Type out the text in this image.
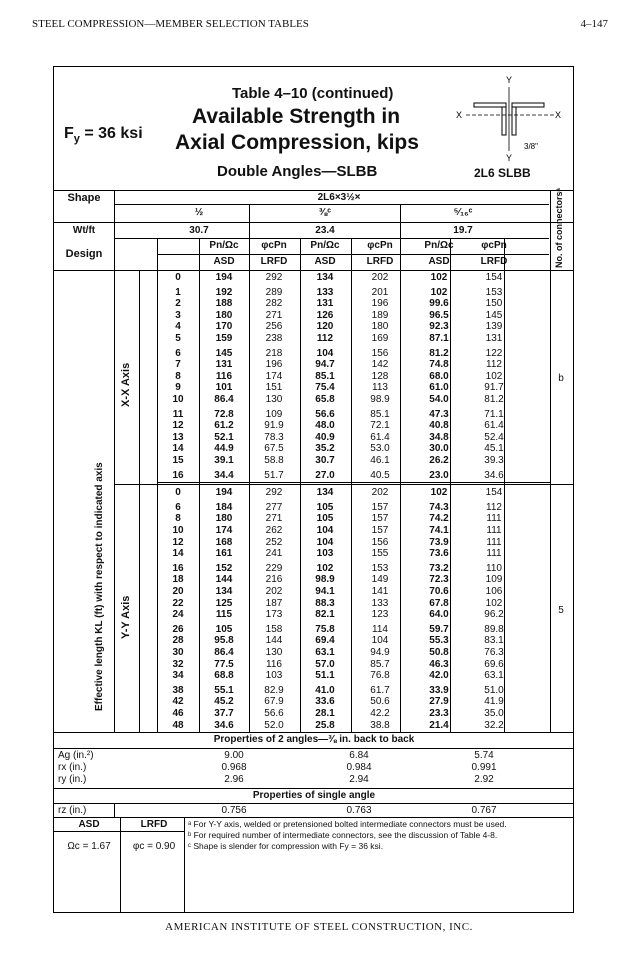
STEEL COMPRESSION—MEMBER SELECTION TABLES	4–147
$F_y = 36$ ksi
Table 4–10 (continued)
Available Strength in
Axial Compression, kips
Double Angles—SLBB	2L6 SLBB
Y
X	X
Y
3/8"
Shape	2L6×3½×
½	⅜ᶜ	⁵⁄₁₆ᶜ
Wt/ft	30.7	23.4	19.7
Design
Pn/Ωc
ASD
φcPn
LRFD
Pn/Ωc
ASD
φcPn
LRFD
Pn/Ωc
ASD
φcPn
LRFD	No. of connectorsᵃ
0	194	292	134	202	102	154
1	192	289	133	201	102	153
2	188	282	131	196	99.6	150
3	180	271	126	189	96.5	145
4	170	256	120	180	92.3	139
5	159	238	112	169	87.1	131
6	145	218	104	156	81.2	122
7	131	196	94.7	142	74.8	112
8	116	174	85.1	128	68.0	102
9	101	151	75.4	113	61.0	91.7
10	86.4	130	65.8	98.9	54.0	81.2
11	72.8	109	56.6	85.1	47.3	71.1
12	61.2	91.9	48.0	72.1	40.8	61.4
13	52.1	78.3	40.9	61.4	34.8	52.4
14	44.9	67.5	35.2	53.0	30.0	45.1
15	39.1	58.8	30.7	46.1	26.2	39.3
16	34.4	51.7	27.0	40.5	23.0	34.6
0	194	292	134	202	102	154
6	184	277	105	157	74.3	112
8	180	271	105	157	74.2	111
10	174	262	104	157	74.1	111
12	168	252	104	156	73.9	111
14	161	241	103	155	73.6	111
16	152	229	102	153	73.2	110
18	144	216	98.9	149	72.3	109
20	134	202	94.1	141	70.6	106
22	125	187	88.3	133	67.8	102
24	115	173	82.1	123	64.0	96.2
26	105	158	75.8	114	59.7	89.8
28	95.8	144	69.4	104	55.3	83.1
30	86.4	130	63.1	94.9	50.8	76.3
32	77.5	116	57.0	85.7	46.3	69.6
34	68.8	103	51.1	76.8	42.0	63.1
38	55.1	82.9	41.0	61.7	33.9	51.0
42	45.2	67.9	33.6	50.6	27.9	41.9
46	37.7	56.6	28.1	42.2	23.3	35.0
48	34.6	52.0	25.8	38.8	21.4	32.2
X-X Axis
Y-Y Axis
Effective length KL (ft) with respect to indicated axis
b
5
Properties of 2 angles—⅜ in. back to back
Ag (in.²)	9.00	6.84	5.74
rx (in.)	0.968	0.984	0.991
ry (in.)	2.96	2.94	2.92
Properties of single angle
rz (in.)	0.756	0.763	0.767
ASD	LRFD
Ωc = 1.67	φc = 0.90
ᵃ For Y-Y axis, welded or pretensioned bolted intermediate connectors must be used.
ᵇ For required number of intermediate connectors, see the discussion of Table 4-8.
ᶜ Shape is slender for compression with Fy = 36 ksi.
AMERICAN INSTITUTE OF STEEL CONSTRUCTION, INC.
